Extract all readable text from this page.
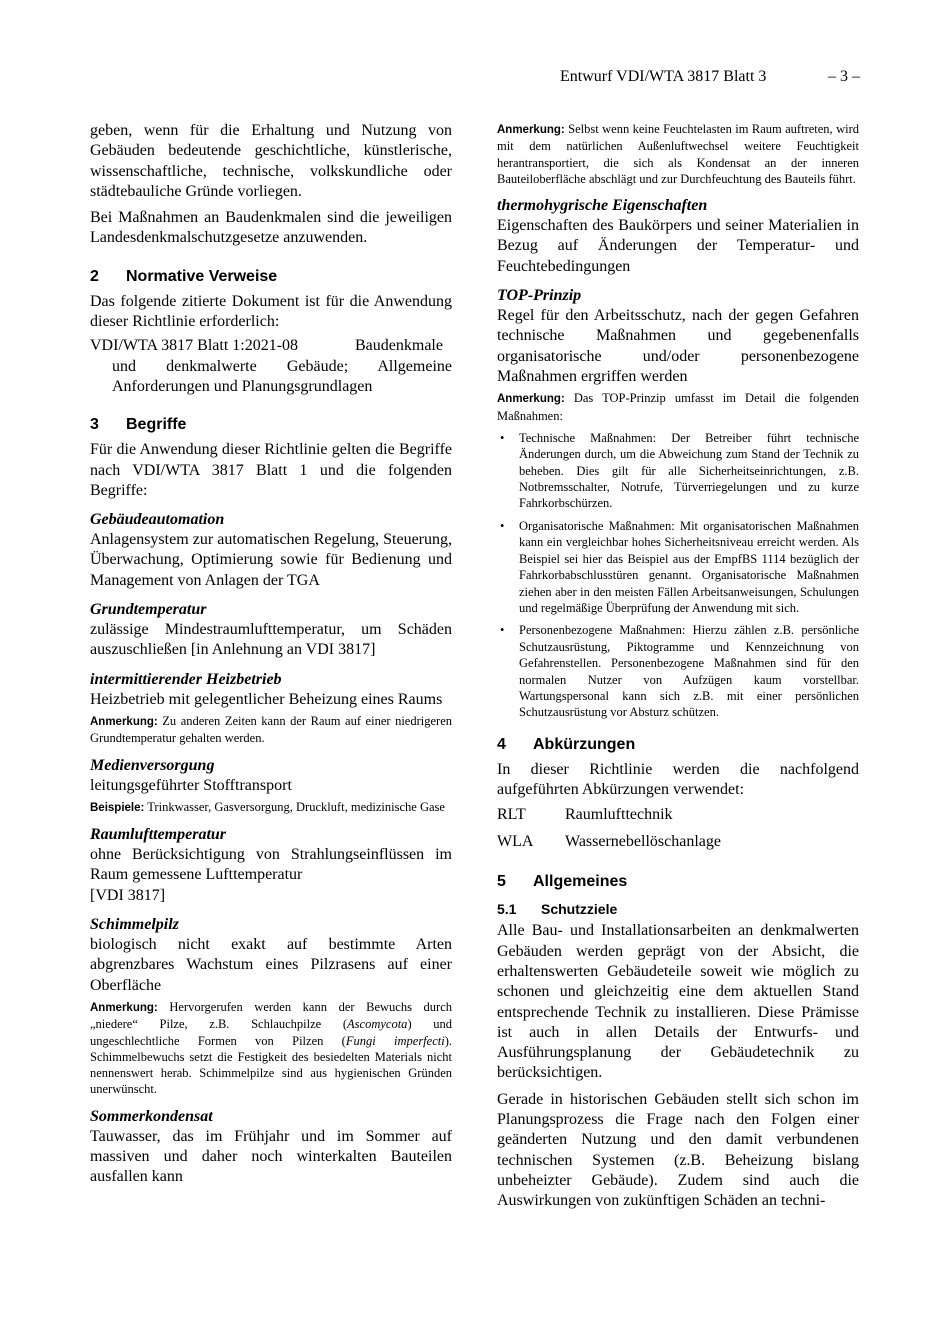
Entwurf VDI/WTA 3817 Blatt 3	– 3 –

geben, wenn für die Erhaltung und Nutzung von Gebäuden bedeutende geschichtliche, künstlerische, wissenschaftliche, technische, volkskundliche oder städtebauliche Gründe vorliegen.

Bei Maßnahmen an Baudenkmalen sind die jeweiligen Landesdenkmalschutzgesetze anzuwenden.

2	Normative Verweise

Das folgende zitierte Dokument ist für die Anwendung dieser Richtlinie erforderlich:

VDI/WTA 3817 Blatt 1:2021-08	Baudenkmale und denkmalwerte Gebäude; Allgemeine Anforderungen und Planungsgrundlagen

3	Begriffe

Für die Anwendung dieser Richtlinie gelten die Begriffe nach VDI/WTA 3817 Blatt 1 und die folgenden Begriffe:

Gebäudeautomation

Anlagensystem zur automatischen Regelung, Steuerung, Überwachung, Optimierung sowie für Bedienung und Management von Anlagen der TGA

Grundtemperatur

zulässige Mindestraumlufttemperatur, um Schäden auszuschließen [in Anlehnung an VDI 3817]

intermittierender Heizbetrieb

Heizbetrieb mit gelegentlicher Beheizung eines Raums

Anmerkung: Zu anderen Zeiten kann der Raum auf einer niedrigeren Grundtemperatur gehalten werden.

Medienversorgung

leitungsgeführter Stofftransport

Beispiele: Trinkwasser, Gasversorgung, Druckluft, medizinische Gase

Raumlufttemperatur

ohne Berücksichtigung von Strahlungseinflüssen im Raum gemessene Lufttemperatur

[VDI 3817]

Schimmelpilz

biologisch nicht exakt auf bestimmte Arten abgrenzbares Wachstum eines Pilzrasens auf einer Oberfläche

Anmerkung: Hervorgerufen werden kann der Bewuchs durch „niedere“ Pilze, z.B. Schlauchpilze (Ascomycota) und ungeschlechtliche Formen von Pilzen (Fungi imperfecti). Schimmelbewuchs setzt die Festigkeit des besiedelten Materials nicht nennenswert herab. Schimmelpilze sind aus hygienischen Gründen unerwünscht.

Sommerkondensat

Tauwasser, das im Frühjahr und im Sommer auf massiven und daher noch winterkalten Bauteilen ausfallen kann

Anmerkung: Selbst wenn keine Feuchtelasten im Raum auftreten, wird mit dem natürlichen Außenluftwechsel weitere Feuchtigkeit herantransportiert, die sich als Kondensat an der inneren Bauteiloberfläche abschlägt und zur Durchfeuchtung des Bauteils führt.

thermohygrische Eigenschaften

Eigenschaften des Baukörpers und seiner Materialien in Bezug auf Änderungen der Temperatur- und Feuchtebedingungen

TOP-Prinzip

Regel für den Arbeitsschutz, nach der gegen Gefahren technische Maßnahmen und gegebenenfalls organisatorische und/oder personenbezogene Maßnahmen ergriffen werden

Anmerkung: Das TOP-Prinzip umfasst im Detail die folgenden Maßnahmen:

• Technische Maßnahmen: Der Betreiber führt technische Änderungen durch, um die Abweichung zum Stand der Technik zu beheben. Dies gilt für alle Sicherheitseinrichtungen, z.B. Notbremsschalter, Notrufe, Türverriegelungen und zu kurze Fahrkorbschürzen.
• Organisatorische Maßnahmen: Mit organisatorischen Maßnahmen kann ein vergleichbar hohes Sicherheitsniveau erreicht werden. Als Beispiel sei hier das Beispiel aus der EmpfBS 1114 bezüglich der Fahrkorbabschlusstüren genannt. Organisatorische Maßnahmen ziehen aber in den meisten Fällen Arbeitsanweisungen, Schulungen und regelmäßige Überprüfung der Anwendung mit sich.
• Personenbezogene Maßnahmen: Hierzu zählen z.B. persönliche Schutzausrüstung, Piktogramme und Kennzeichnung von Gefahrenstellen. Personenbezogene Maßnahmen sind für den normalen Nutzer von Aufzügen kaum vorstellbar. Wartungspersonal kann sich z.B. mit einer persönlichen Schutzausrüstung vor Absturz schützen.
4	Abkürzungen

In dieser Richtlinie werden die nachfolgend aufgeführten Abkürzungen verwendet:

RLT	Raumlufttechnik
WLA	Wassernebellöschanlage
5	Allgemeines
5.1	Schutzziele

Alle Bau- und Installationsarbeiten an denkmalwerten Gebäuden werden geprägt von der Absicht, die erhaltenswerten Gebäudeteile soweit wie möglich zu schonen und gleichzeitig eine dem aktuellen Stand entsprechende Technik zu installieren. Diese Prämisse ist auch in allen Details der Entwurfs- und Ausführungsplanung der Gebäudetechnik zu berücksichtigen.

Gerade in historischen Gebäuden stellt sich schon im Planungsprozess die Frage nach den Folgen einer geänderten Nutzung und den damit verbundenen technischen Systemen (z.B. Beheizung bislang unbeheizter Gebäude). Zudem sind auch die Auswirkungen von zukünftigen Schäden an techni-
